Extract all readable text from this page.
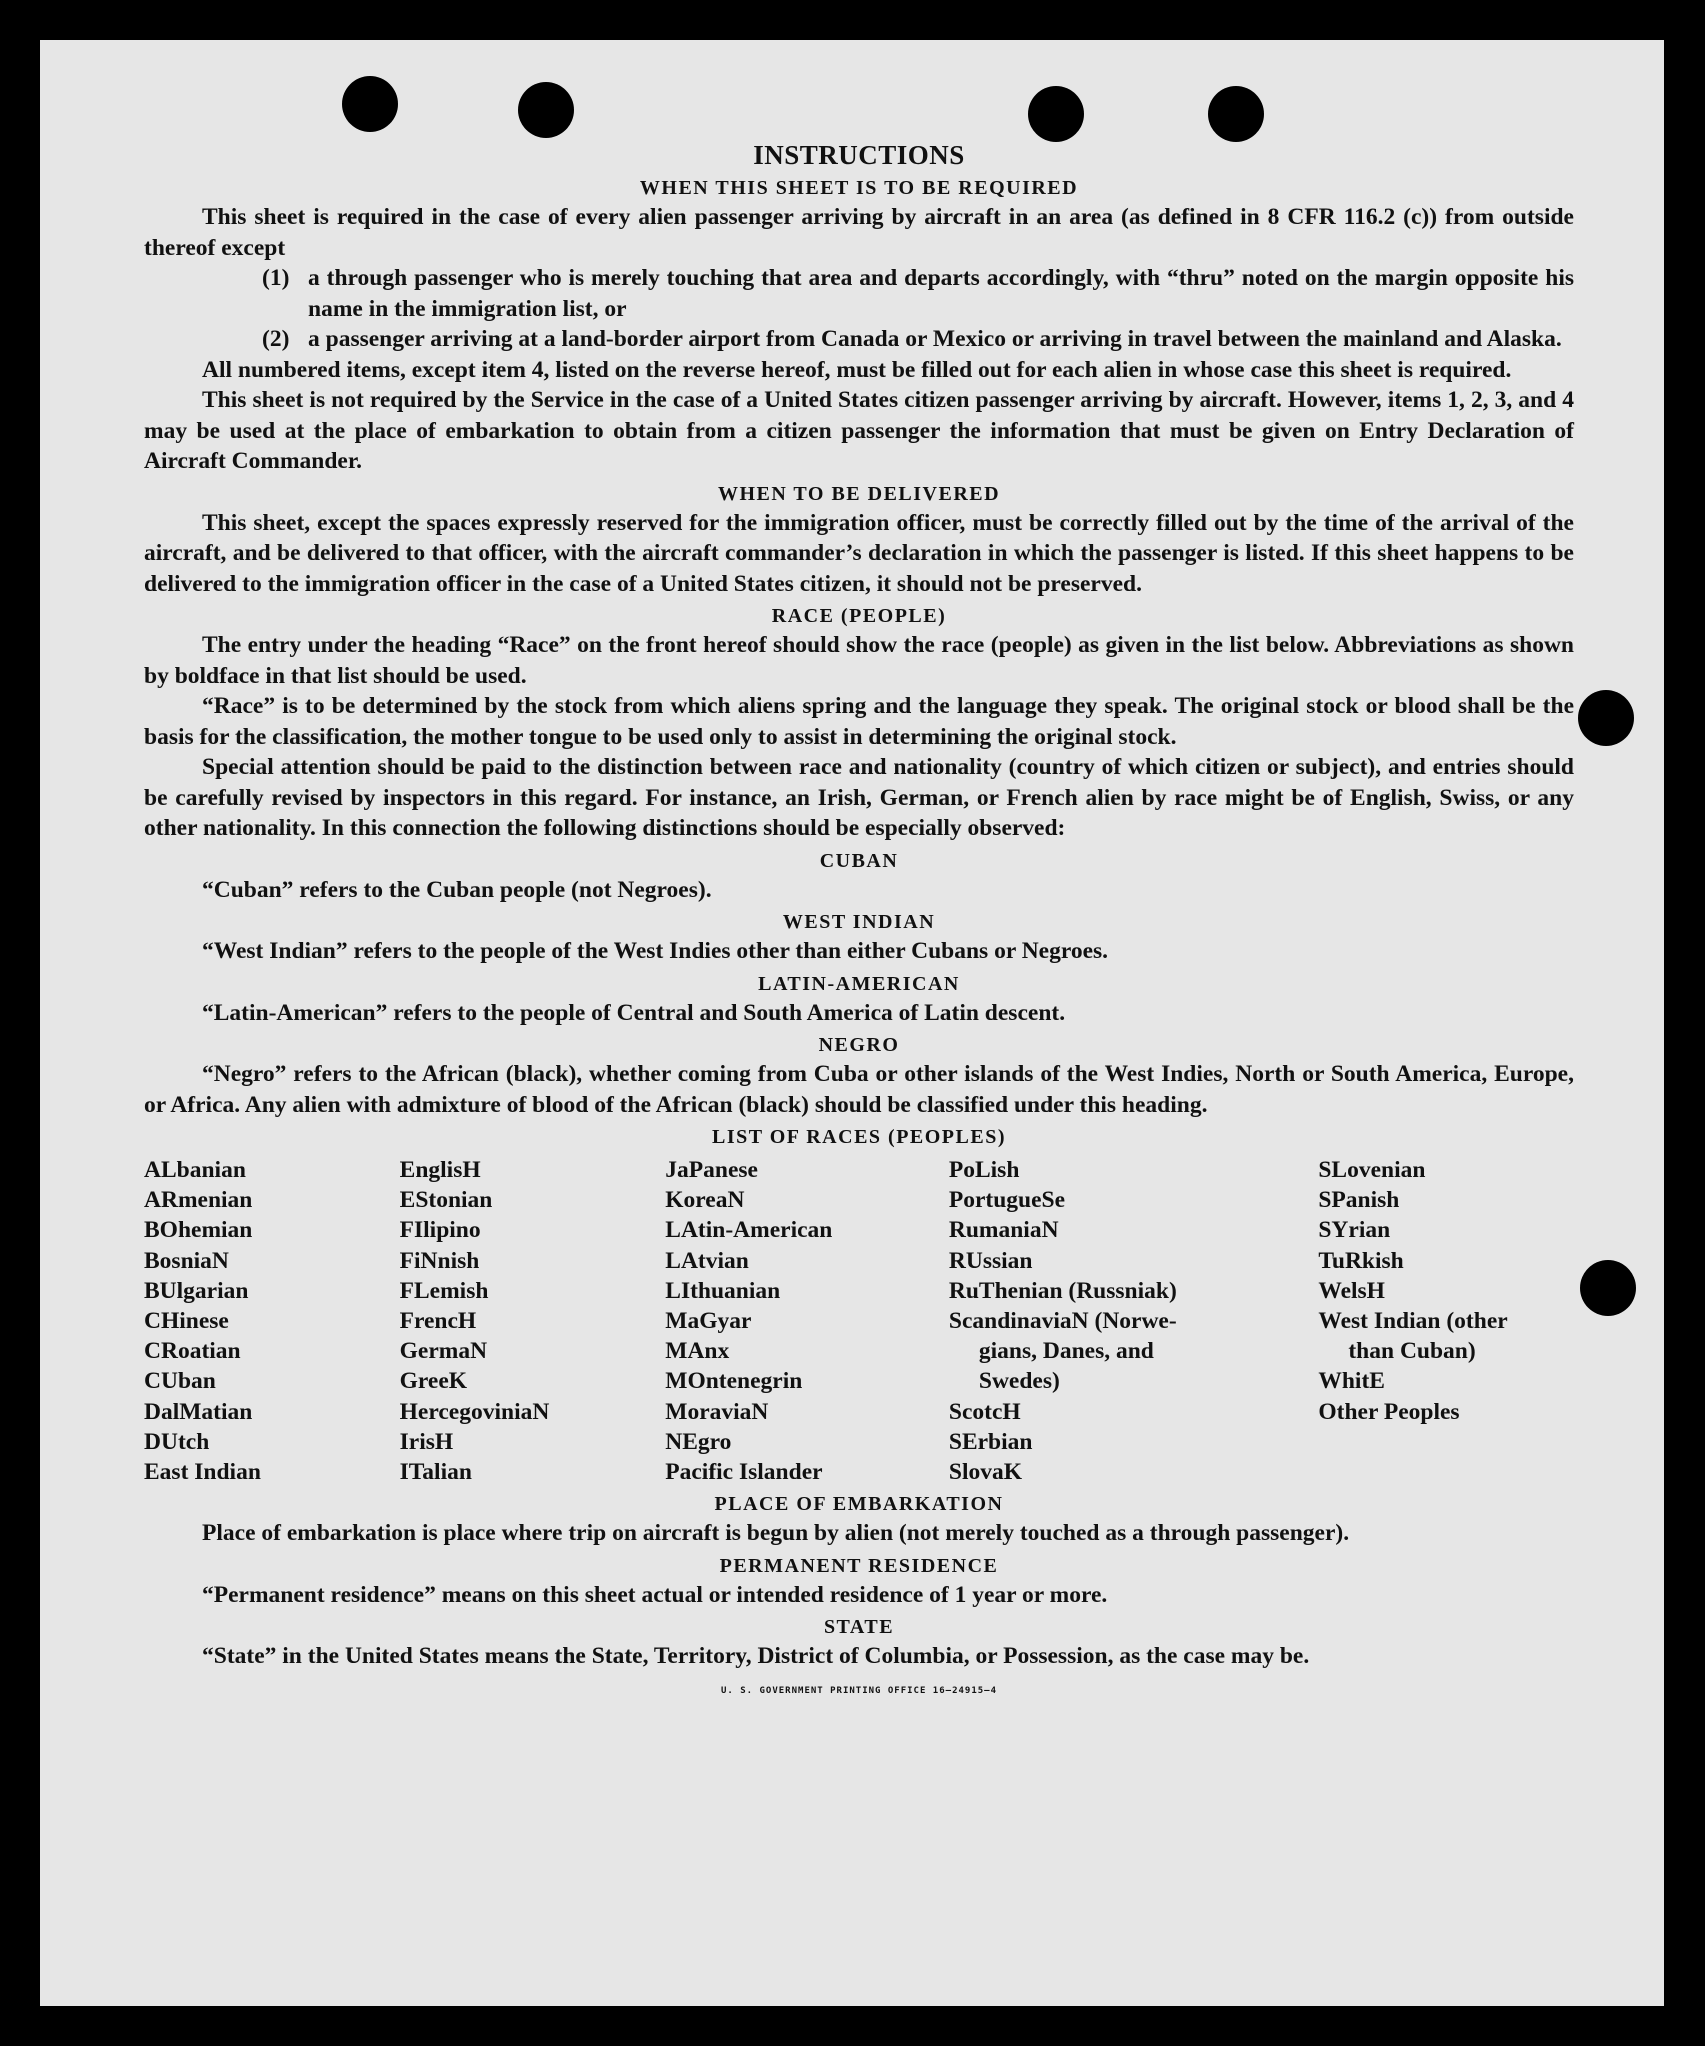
INSTRUCTIONS
WHEN THIS SHEET IS TO BE REQUIRED

This sheet is required in the case of every alien passenger arriving by aircraft in an area (as defined in 8 CFR 116.2 (c)) from outside thereof except

(1) a through passenger who is merely touching that area and departs accordingly, with “thru” noted on the margin opposite his name in the immigration list, or
(2) a passenger arriving at a land-border airport from Canada or Mexico or arriving in travel between the mainland and Alaska.

All numbered items, except item 4, listed on the reverse hereof, must be filled out for each alien in whose case this sheet is required.

This sheet is not required by the Service in the case of a United States citizen passenger arriving by aircraft. However, items 1, 2, 3, and 4 may be used at the place of embarkation to obtain from a citizen passenger the information that must be given on Entry Declaration of Aircraft Commander.

WHEN TO BE DELIVERED

This sheet, except the spaces expressly reserved for the immigration officer, must be correctly filled out by the time of the arrival of the aircraft, and be delivered to that officer, with the aircraft commander’s declaration in which the passenger is listed. If this sheet happens to be delivered to the immigration officer in the case of a United States citizen, it should not be preserved.

RACE (PEOPLE)

The entry under the heading “Race” on the front hereof should show the race (people) as given in the list below. Abbreviations as shown by boldface in that list should be used.

“Race” is to be determined by the stock from which aliens spring and the language they speak. The original stock or blood shall be the basis for the classification, the mother tongue to be used only to assist in determining the original stock.

Special attention should be paid to the distinction between race and nationality (country of which citizen or subject), and entries should be carefully revised by inspectors in this regard. For instance, an Irish, German, or French alien by race might be of English, Swiss, or any other nationality. In this connection the following distinctions should be especially observed:

CUBAN

“Cuban” refers to the Cuban people (not Negroes).

WEST INDIAN

“West Indian” refers to the people of the West Indies other than either Cubans or Negroes.

LATIN-AMERICAN

“Latin-American” refers to the people of Central and South America of Latin descent.

NEGRO

“Negro” refers to the African (black), whether coming from Cuba or other islands of the West Indies, North or South America, Europe, or Africa. Any alien with admixture of blood of the African (black) should be classified under this heading.

LIST OF RACES (PEOPLES)
ALbanian
ARmenian
BOhemian
BosniaN
BUlgarian
CHinese
CRoatian
CUban
DalMatian
DUtch
East Indian
EnglisH
EStonian
FIlipino
FiNnish
FLemish
FrencH
GermaN
GreeK
HercegoviniaN
IrisH
ITalian
JaPanese
KoreaN
LAtin-American
LAtvian
LIthuanian
MaGyar
MAnx
MOntenegrin
MoraviaN
NEgro
Pacific Islander
PoLish
PortugueSe
RumaniaN
RUssian
RuThenian (Russniak)
ScandinaviaN (Norwe-
gians, Danes, and
Swedes)
ScotcH
SErbian
SlovaK
SLovenian
SPanish
SYrian
TuRkish
WelsH
West Indian (other
than Cuban)
WhitE
Other Peoples
PLACE OF EMBARKATION

Place of embarkation is place where trip on aircraft is begun by alien (not merely touched as a through passenger).

PERMANENT RESIDENCE

“Permanent residence” means on this sheet actual or intended residence of 1 year or more.

STATE

“State” in the United States means the State, Territory, District of Columbia, or Possession, as the case may be.

U. S. GOVERNMENT PRINTING OFFICE 16—24915—4
